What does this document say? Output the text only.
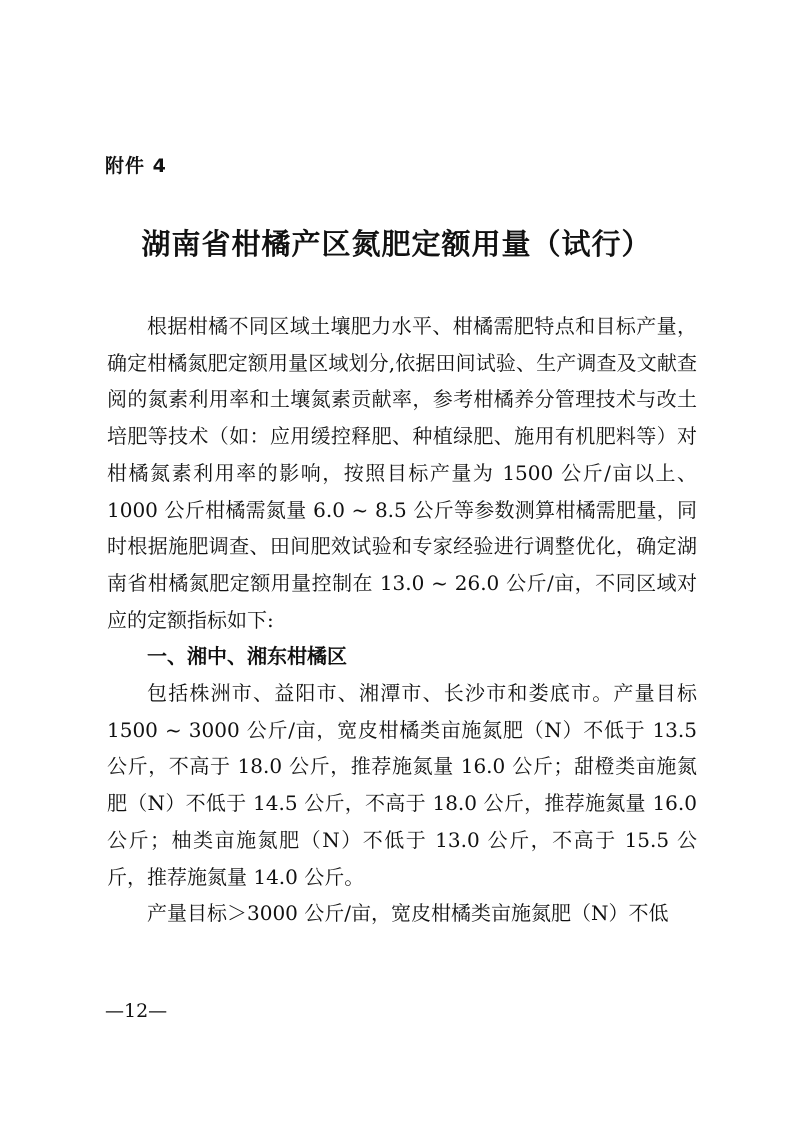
附件 4
湖南省柑橘产区氮肥定额用量（试行）

根据柑橘不同区域土壤肥力水平、柑橘需肥特点和目标产量，确定柑橘氮肥定额用量区域划分,依据田间试验、生产调查及文献查阅的氮素利用率和土壤氮素贡献率，参考柑橘养分管理技术与改土培肥等技术（如：应用缓控释肥、种植绿肥、施用有机肥料等）对柑橘氮素利用率的影响，按照目标产量为 1500 公斤/亩以上、1000 公斤柑橘需氮量 6.0 ~ 8.5 公斤等参数测算柑橘需肥量，同时根据施肥调查、田间肥效试验和专家经验进行调整优化，确定湖南省柑橘氮肥定额用量控制在 13.0 ~ 26.0 公斤/亩，不同区域对应的定额指标如下:

一、湘中、湘东柑橘区

包括株洲市、益阳市、湘潭市、长沙市和娄底市。产量目标1500 ~ 3000 公斤/亩，宽皮柑橘类亩施氮肥（N）不低于 13.5 公斤，不高于 18.0 公斤，推荐施氮量 16.0 公斤；甜橙类亩施氮肥（N）不低于 14.5 公斤，不高于 18.0 公斤，推荐施氮量 16.0 公斤；柚类亩施氮肥（N）不低于 13.0 公斤，不高于 15.5 公斤，推荐施氮量 14.0 公斤。

产量目标＞3000 公斤/亩，宽皮柑橘类亩施氮肥（N）不低

—12—
